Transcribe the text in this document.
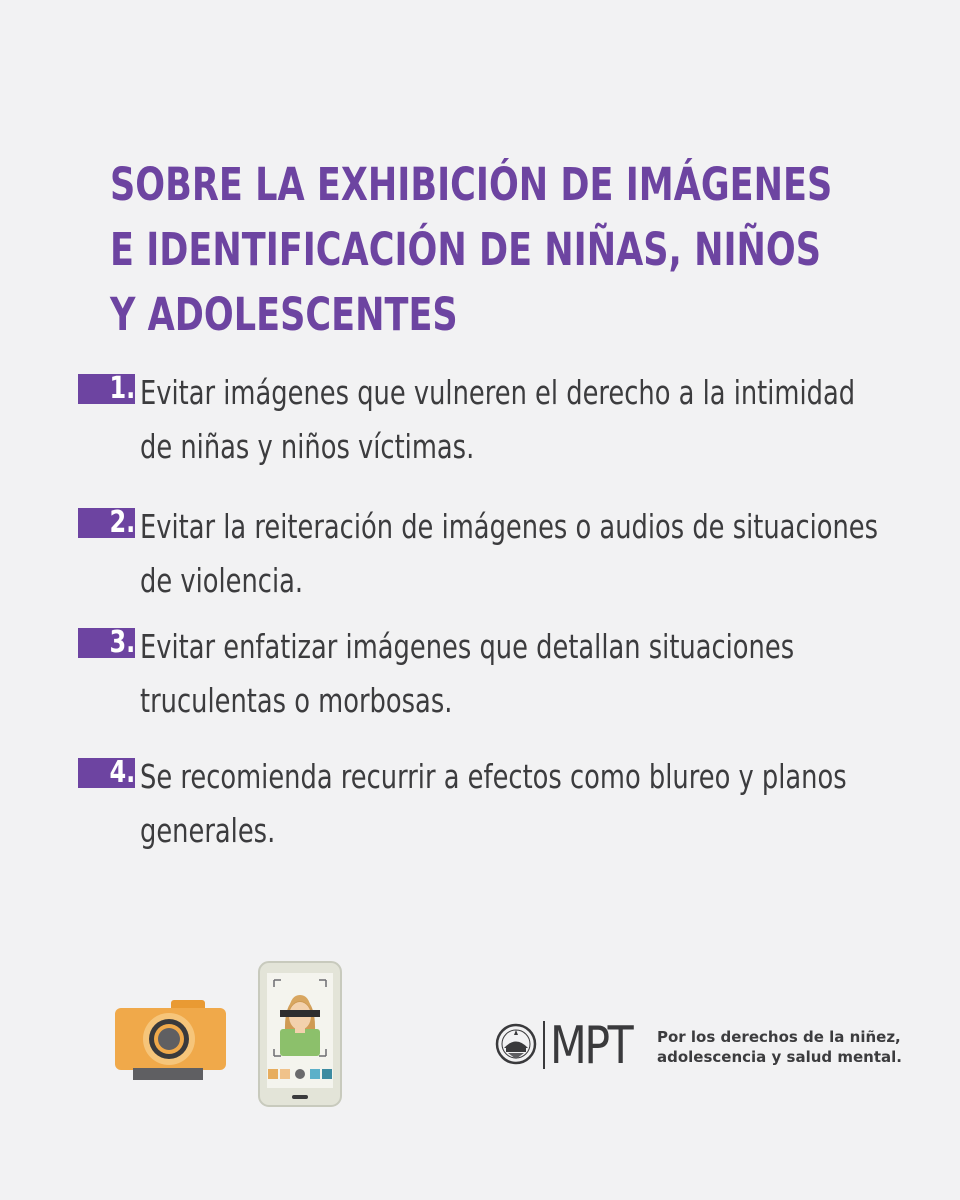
SOBRE LA EXHIBICIÓN DE IMÁGENES
E IDENTIFICACIÓN DE NIÑAS, NIÑOS
Y ADOLESCENTES
1. Evitar imágenes que vulneren el derecho a la intimidad
de niñas y niños víctimas.
2. Evitar la reiteración de imágenes o audios de situaciones
de violencia.
3. Evitar enfatizar imágenes que detallan situaciones
truculentas o morbosas.
4. Se recomienda recurrir a efectos como blureo y planos
generales.
MPT Por los derechos de la niñez,
adolescencia y salud mental.
